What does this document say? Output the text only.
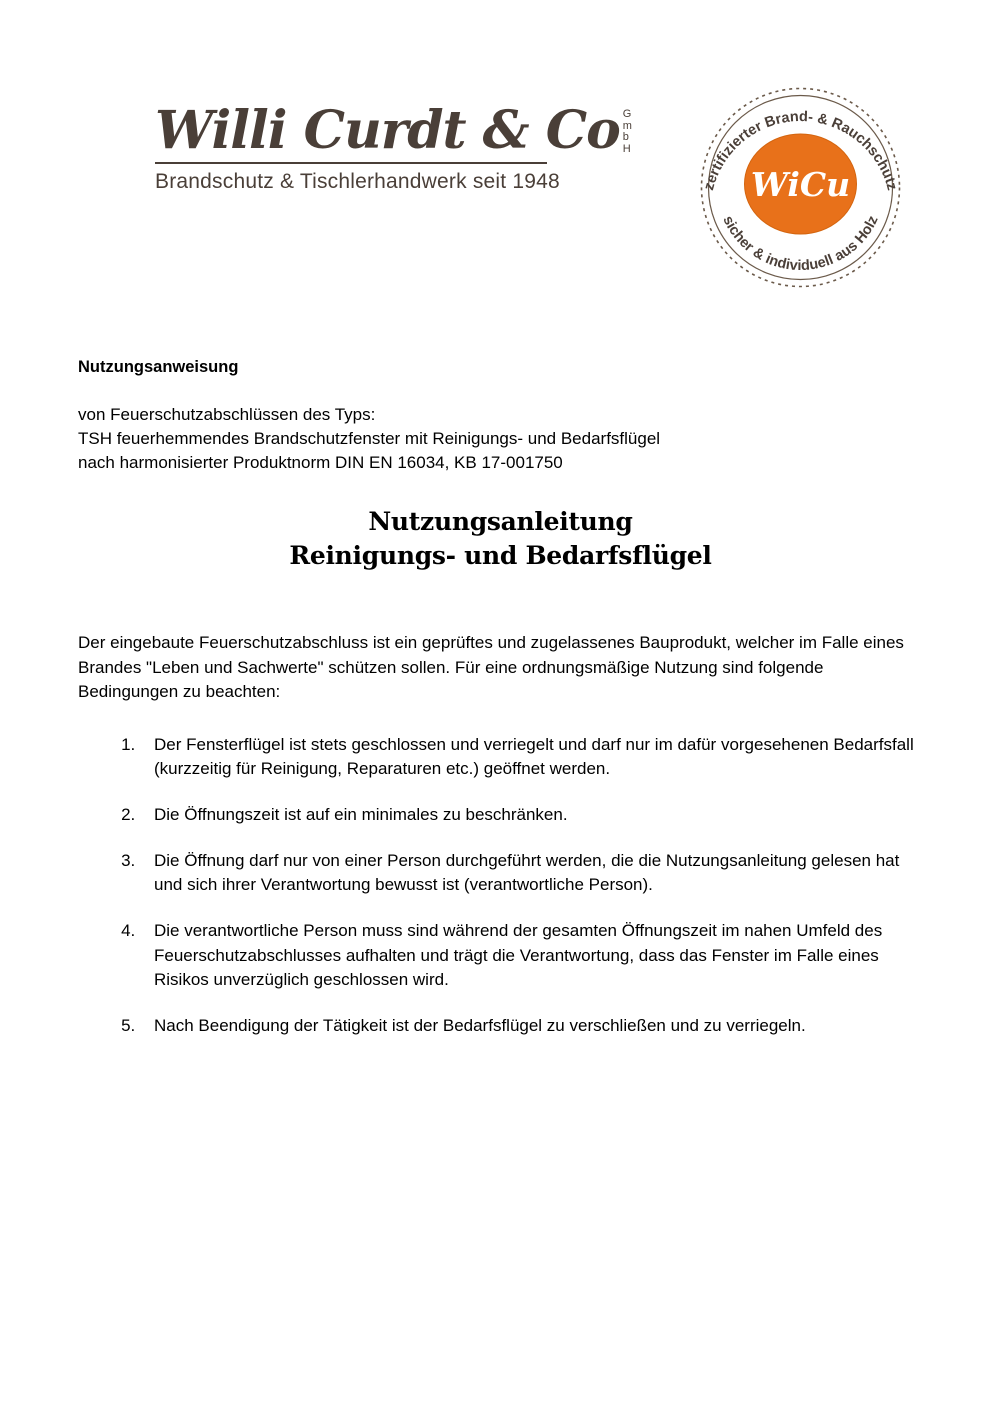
Willi Curdt & Co G
m
b
H
Brandschutz & Tischlerhandwerk seit 1948	WiCu
zertifizierter Brand- & Rauchschutz
sicher & individuell aus Holz
Nutzungsanweisung

von Feuerschutzabschlüssen des Typs:

TSH feuerhemmendes Brandschutzfenster mit Reinigungs- und Bedarfsflügel

nach harmonisierter Produktnorm DIN EN 16034, KB 17-001750

Nutzungsanleitung
Reinigungs- und Bedarfsflügel

Der eingebaute Feuerschutzabschluss ist ein geprüftes und zugelassenes Bauprodukt, welcher im Falle eines Brandes "Leben und Sachwerte" schützen sollen. Für eine ordnungsmäßige Nutzung sind folgende Bedingungen zu beachten:

1. Der Fensterflügel ist stets geschlossen und verriegelt und darf nur im dafür vorgesehenen Bedarfsfall (kurzzeitig für Reinigung, Reparaturen etc.) geöffnet werden.
2. Die Öffnungszeit ist auf ein minimales zu beschränken.
3. Die Öffnung darf nur von einer Person durchgeführt werden, die die Nutzungsanleitung gelesen hat und sich ihrer Verantwortung bewusst ist (verantwortliche Person).
4. Die verantwortliche Person muss sind während der gesamten Öffnungszeit im nahen Umfeld des Feuerschutzabschlusses aufhalten und trägt die Verantwortung, dass das Fenster im Falle eines Risikos unverzüglich geschlossen wird.
5. Nach Beendigung der Tätigkeit ist der Bedarfsflügel zu verschließen und zu verriegeln.
